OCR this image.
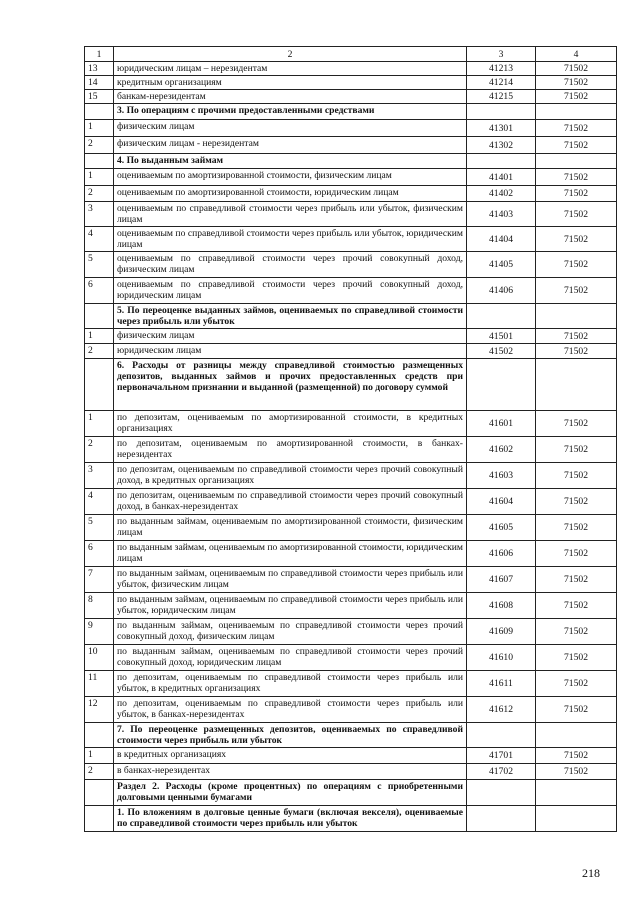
1	2	3	4
13	юридическим лицам – нерезидентам	41213	71502
14	кредитным организациям	41214	71502
15	банкам-нерезидентам	41215	71502
	3. По операциям с прочими предоставленными средствами		
1	физическим лицам	41301	71502
2	физическим лицам - нерезидентам	41302	71502
	4. По выданным займам		
1	оцениваемым по амортизированной стоимости, физическим лицам	41401	71502
2	оцениваемым по амортизированной стоимости, юридическим лицам	41402	71502
3	оцениваемым по справедливой стоимости через прибыль или убыток, физическим лицам	41403	71502
4	оцениваемым по справедливой стоимости через прибыль или убыток, юридическим лицам	41404	71502
5	оцениваемым по справедливой стоимости через прочий совокупный доход, физическим лицам	41405	71502
6	оцениваемым по справедливой стоимости через прочий совокупный доход, юридическим лицам	41406	71502
	5. По переоценке выданных займов, оцениваемых по справедливой стоимости через прибыль или убыток		
1	физическим лицам	41501	71502
2	юридическим лицам	41502	71502
	6. Расходы от разницы между справедливой стоимостью размещенных депозитов, выданных займов и прочих предоставленных средств при первоначальном признании и выданной (размещенной) по договору суммой		
1	по депозитам, оцениваемым по амортизированной стоимости, в кредитных организациях	41601	71502
2	по депозитам, оцениваемым по амортизированной стоимости, в банках-нерезидентах	41602	71502
3	по депозитам, оцениваемым по справедливой стоимости через прочий совокупный доход, в кредитных организациях	41603	71502
4	по депозитам, оцениваемым по справедливой стоимости через прочий совокупный доход, в банках-нерезидентах	41604	71502
5	по выданным займам, оцениваемым по амортизированной стоимости, физическим лицам	41605	71502
6	по выданным займам, оцениваемым по амортизированной стоимости, юридическим лицам	41606	71502
7	по выданным займам, оцениваемым по справедливой стоимости через прибыль или убыток, физическим лицам	41607	71502
8	по выданным займам, оцениваемым по справедливой стоимости через прибыль или убыток, юридическим лицам	41608	71502
9	по выданным займам, оцениваемым по справедливой стоимости через прочий совокупный доход, физическим лицам	41609	71502
10	по выданным займам, оцениваемым по справедливой стоимости через прочий совокупный доход, юридическим лицам	41610	71502
11	по депозитам, оцениваемым по справедливой стоимости через прибыль или убыток, в кредитных организациях	41611	71502
12	по депозитам, оцениваемым по справедливой стоимости через прибыль или убыток, в банках-нерезидентах	41612	71502
	7. По переоценке размещенных депозитов, оцениваемых по справедливой стоимости через прибыль или убыток		
1	в кредитных организациях	41701	71502
2	в банках-нерезидентах	41702	71502
	Раздел 2. Расходы (кроме процентных) по операциям с приобретенными долговыми ценными бумагами		
	1. По вложениям в долговые ценные бумаги (включая векселя), оцениваемые по справедливой стоимости через прибыль или убыток		
218
